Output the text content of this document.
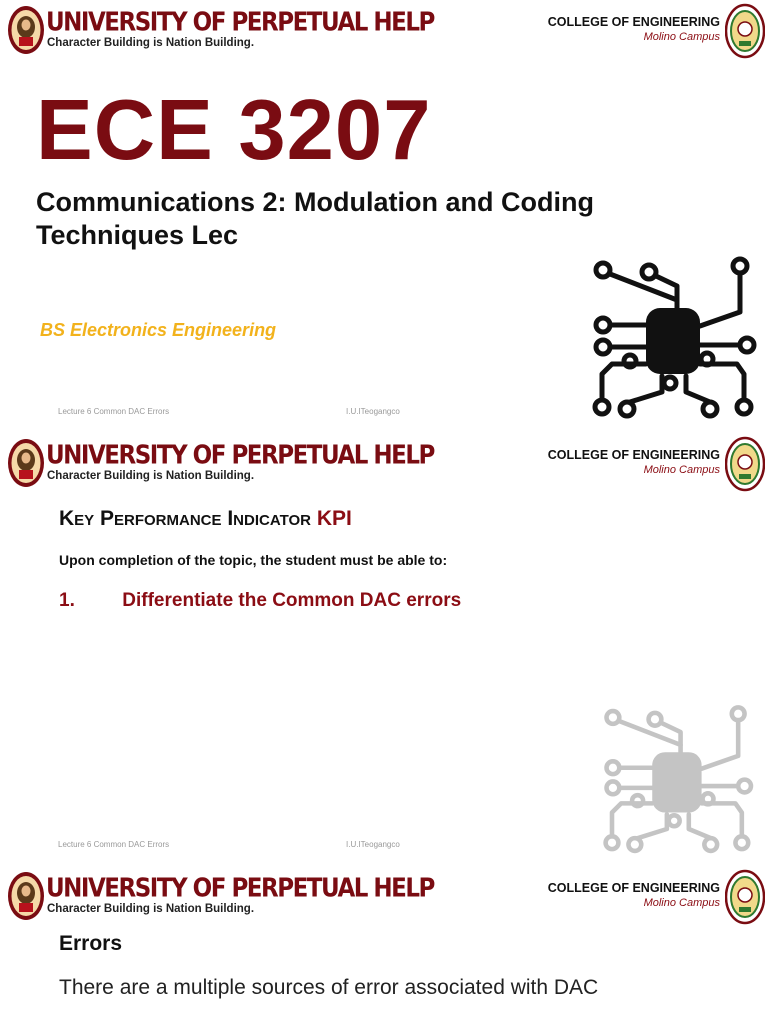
UNIVERSITY OF PERPETUAL HELP

Character Building is Nation Building.

COLLEGE OF ENGINEERING
Molino Campus
ECE 3207
Communications 2: Modulation and Coding Techniques Lec

BS Electronics Engineering

Lecture 6 Common DAC Errors	I.U.ITeogangco

UNIVERSITY OF PERPETUAL HELP

Character Building is Nation Building.

COLLEGE OF ENGINEERING
Molino Campus
Key Performance Indicator KPI

Upon completion of the topic, the student must be able to:

1. Differentiate the Common DAC errors
Lecture 6 Common DAC Errors	I.U.ITeogangco

UNIVERSITY OF PERPETUAL HELP

Character Building is Nation Building.

COLLEGE OF ENGINEERING
Molino Campus
Errors

There are a multiple sources of error associated with DAC
